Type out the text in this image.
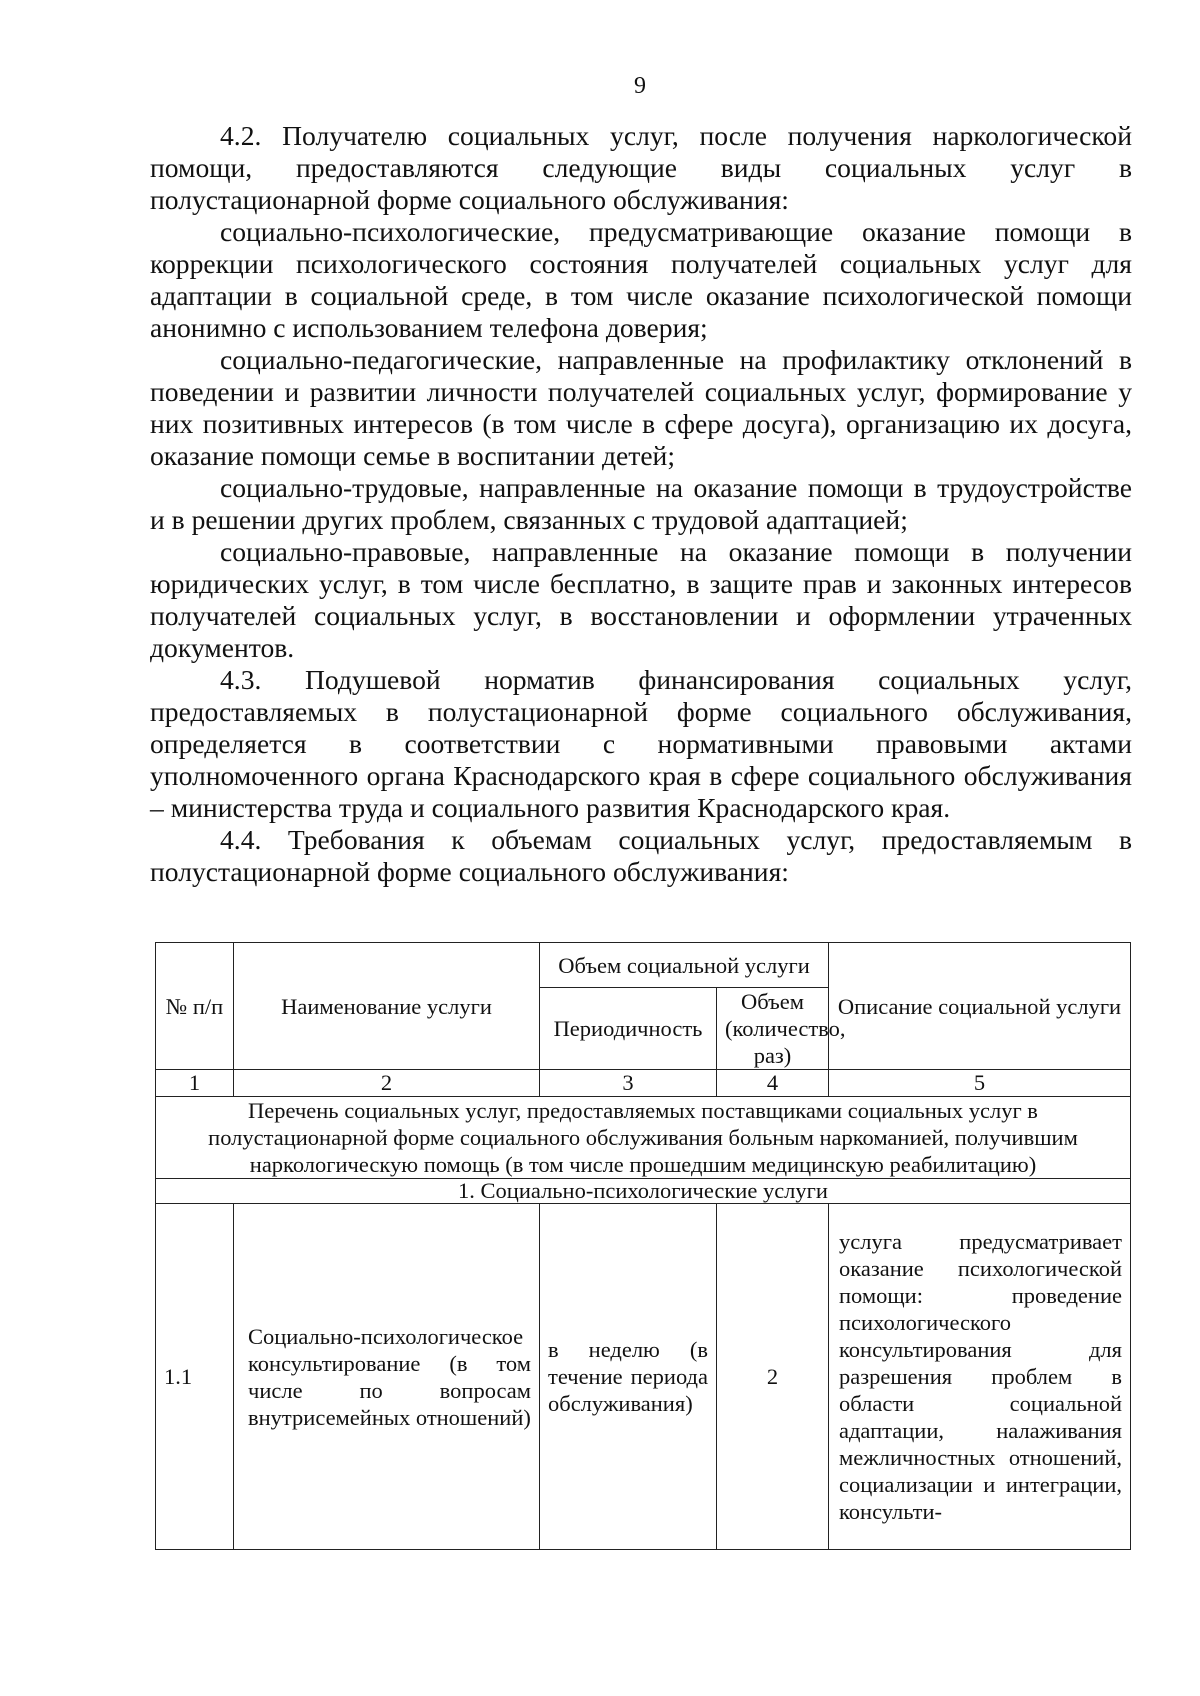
9

4.2. Получателю социальных услуг, после получения наркологической помощи, предоставляются следующие виды социальных услуг в полустационарной форме социального обслуживания:

социально-психологические, предусматривающие оказание помощи в коррекции психологического состояния получателей социальных услуг для адаптации в социальной среде, в том числе оказание психологической помощи анонимно с использованием телефона доверия;

социально-педагогические, направленные на профилактику отклонений в поведении и развитии личности получателей социальных услуг, формирование у них позитивных интересов (в том числе в сфере досуга), организацию их досуга, оказание помощи семье в воспитании детей;

социально-трудовые, направленные на оказание помощи в трудоустройстве и в решении других проблем, связанных с трудовой адаптацией;

социально-правовые, направленные на оказание помощи в получении юридических услуг, в том числе бесплатно, в защите прав и законных интересов получателей социальных услуг, в восстановлении и оформлении утраченных документов.

4.3. Подушевой норматив финансирования социальных услуг, предоставляемых в полустационарной форме социального обслуживания, определяется в соответствии с нормативными правовыми актами уполномоченного органа Краснодарского края в сфере социального обслуживания – министерства труда и социального развития Краснодарского края.

4.4. Требования к объемам социальных услуг, предоставляемым в полустационарной форме социального обслуживания:

№ п/п	Наименование услуги	Объем социальной услуги		Описание социальной услуги
		Периодичность	Объем (количество, раз)	
1	2	3	4	5
Перечень социальных услуг, предоставляемых поставщиками социальных услуг в полустационарной форме социального обслуживания больным наркоманией, получившим наркологическую помощь (в том числе прошедшим медицинскую реабилитацию)				
1. Социально-психологические услуги				
1.1	Социально-психологическое консультирование (в том числе по вопросам внутрисемейных отношений)	в неделю (в течение периода обслуживания)	2	услуга предусматривает оказание психологической помощи: проведение психологического консультирования для разрешения проблем в области социальной адаптации, налаживания межличностных отношений, социализации и интеграции, консульти-
